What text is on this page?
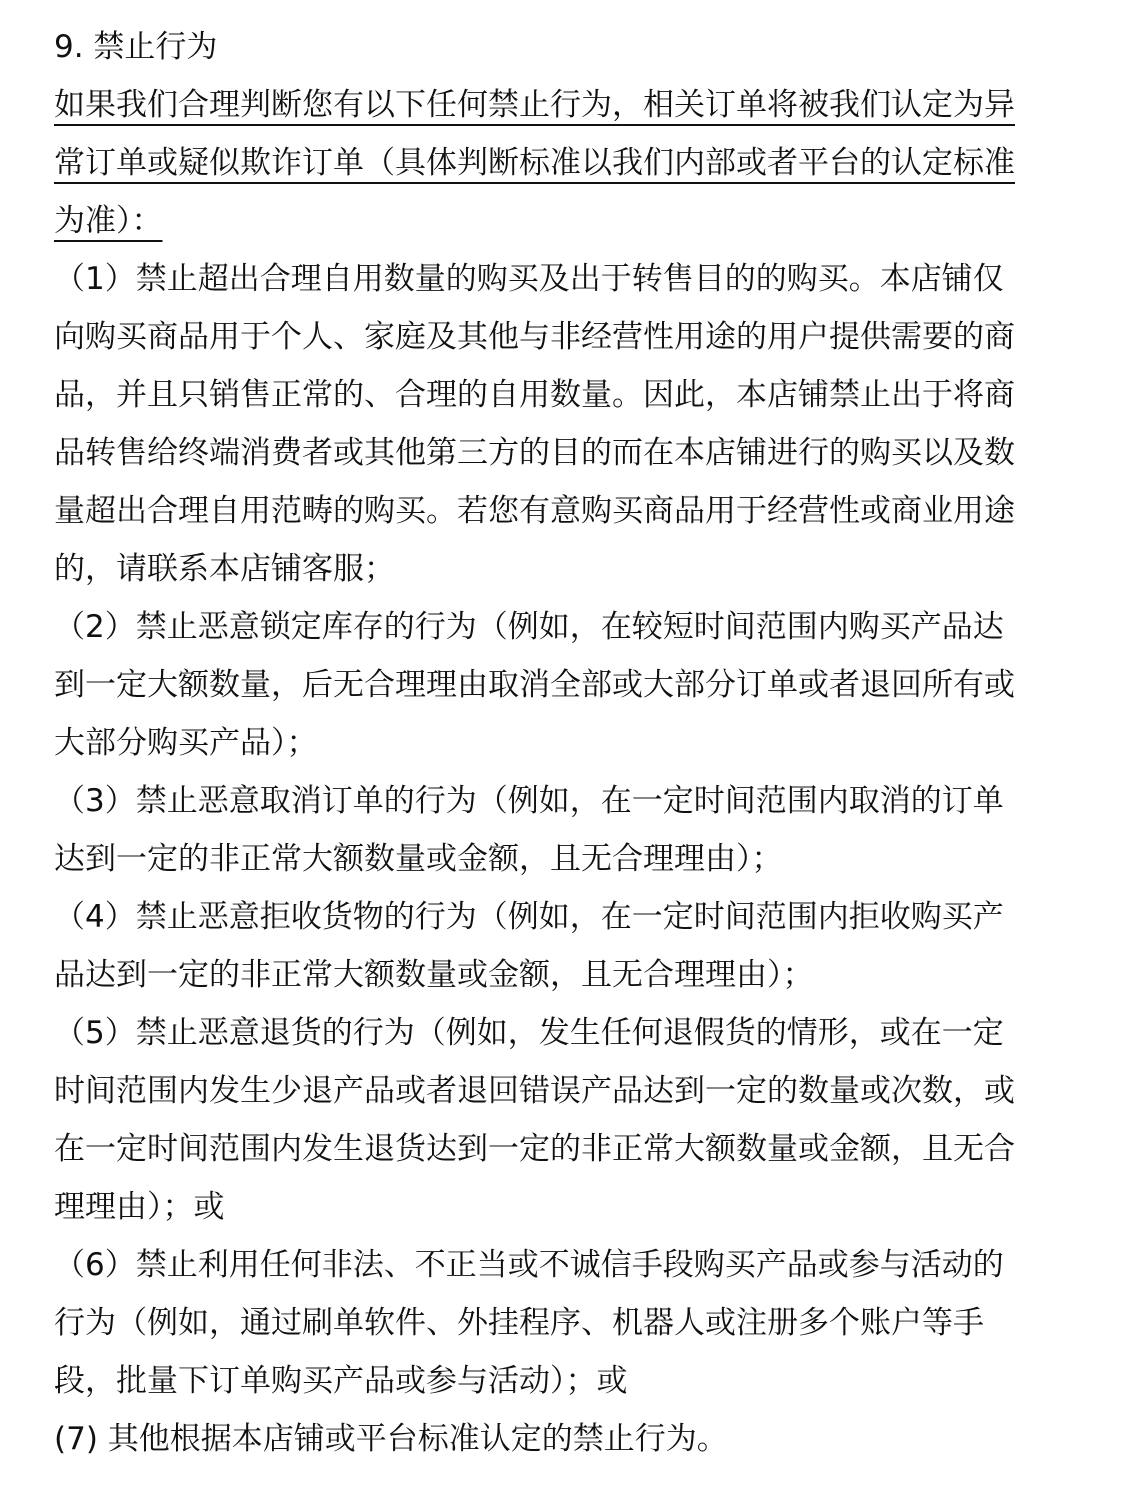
9. 禁止行为
如果我们合理判断您有以下任何禁止行为，相关订单将被我们认定为异
常订单或疑似欺诈订单（具体判断标准以我们内部或者平台的认定标准
为准）：
（1）禁止超出合理自用数量的购买及出于转售目的的购买。本店铺仅
向购买商品用于个人、家庭及其他与非经营性用途的用户提供需要的商
品，并且只销售正常的、合理的自用数量。因此，本店铺禁止出于将商
品转售给终端消费者或其他第三方的目的而在本店铺进行的购买以及数
量超出合理自用范畴的购买。若您有意购买商品用于经营性或商业用途
的，请联系本店铺客服；
（2）禁止恶意锁定库存的行为（例如，在较短时间范围内购买产品达
到一定大额数量，后无合理理由取消全部或大部分订单或者退回所有或
大部分购买产品）；
（3）禁止恶意取消订单的行为（例如，在一定时间范围内取消的订单
达到一定的非正常大额数量或金额，且无合理理由）；
（4）禁止恶意拒收货物的行为（例如，在一定时间范围内拒收购买产
品达到一定的非正常大额数量或金额，且无合理理由）；
（5）禁止恶意退货的行为（例如，发生任何退假货的情形，或在一定
时间范围内发生少退产品或者退回错误产品达到一定的数量或次数，或
在一定时间范围内发生退货达到一定的非正常大额数量或金额，且无合
理理由）；或
（6）禁止利用任何非法、不正当或不诚信手段购买产品或参与活动的
行为（例如，通过刷单软件、外挂程序、机器人或注册多个账户等手
段，批量下订单购买产品或参与活动）；或
(7) 其他根据本店铺或平台标准认定的禁止行为。
